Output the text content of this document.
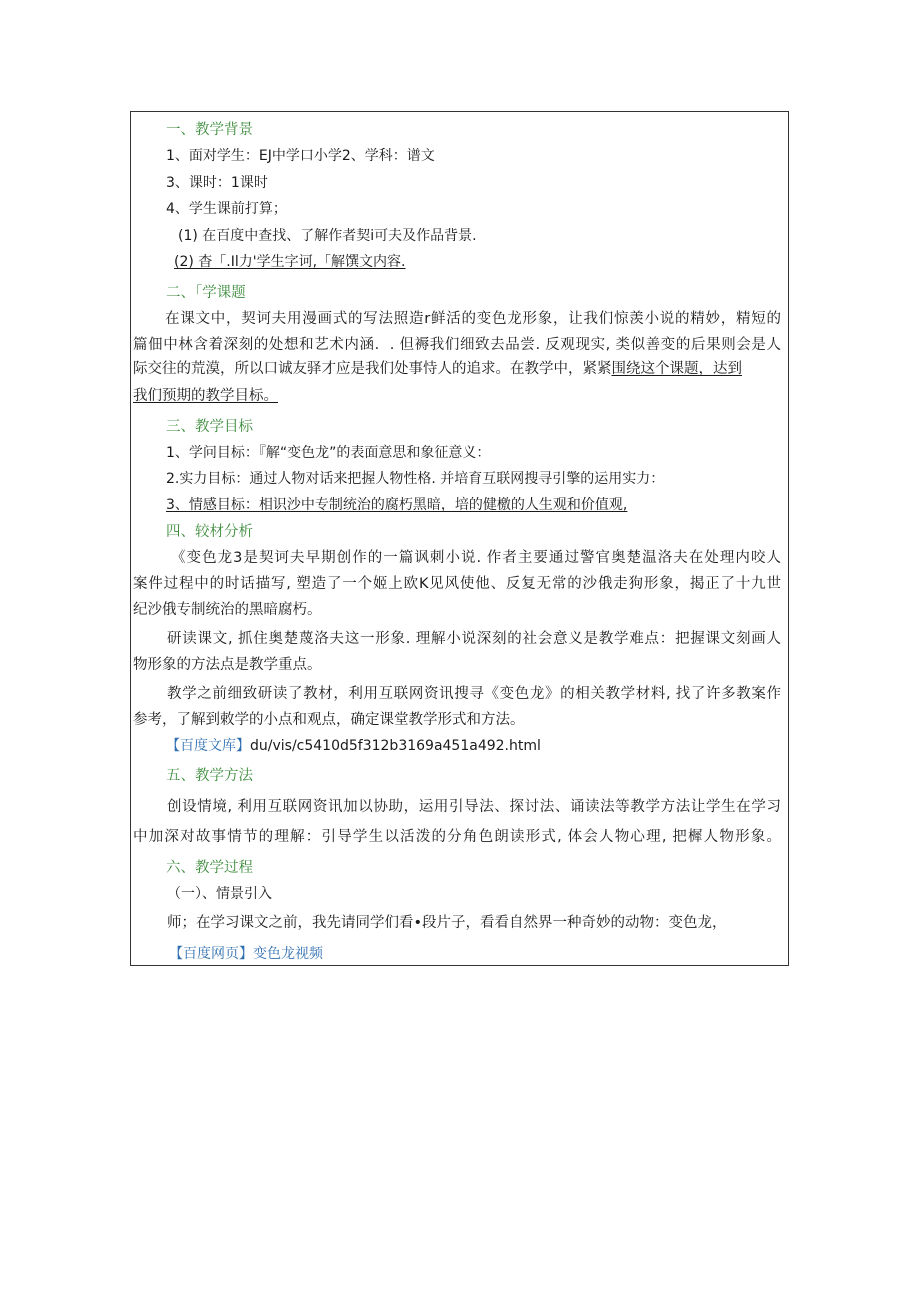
一、教学背景
1、面对学生：EJ中学口小学2、学科：谱文
3、课时：1课时
4、学生课前打算；
(1) 在百度中查找、了解作者契i可夫及作品背景.
(2) 杳「.Il力'学生字诃,「解馔文内容.
二、「学课题
在课文中，契诃夫用漫画式的写法照造r鲜活的变色龙形象，让我们惊羡小说的精妙，精短的
篇佃中林含着深刻的处想和艺术内涵．. 但褥我们细致去品尝. 反观现实, 类似善变的后果则会是人
际交往的荒漠，所以口诚友驿才应是我们处事恃人的追求。在教学中，紧紧围绕这个课题，达到
我们预期的教学目标。
三、教学目标
1、学问目标：『解“变色龙”的表面意思和象征意义：
2.实力目标：通过人物对话来把握人物性格. 并培育互联网搜寻引擎的运用实力：
3、情感目标：相识沙中专制统治的腐朽黑暗，培的健檄的人生观和价值观,
四、较材分析
《变色龙3是契诃夫早期创作的一篇讽刺小说. 作者主要通过警官奥楚温洛夫在处理内咬人
案件过程中的时话描写, 塑造了一个姬上欧K见风使他、反复无常的沙俄走狗形象，揭正了十九世
纪沙俄专制统治的黑暗腐朽。
研读课文, 抓住奥楚蔑洛夫这一形象. 理解小说深刻的社会意义是教学难点：把握课文刻画人
物形象的方法点是教学重点。
教学之前细致研读了教材，利用互联网资讯搜寻《变色龙》的相关教学材料, 找了许多教案作
参考，了解到敕学的小点和观点，确定课堂教学形式和方法。
【百度文库】du/vis/c5410d5f312b3169a451a492.html
五、教学方法
创设情境, 利用互联网资讯加以协助，运用引导法、探讨法、诵读法等教学方法让学生在学习
中加深对故事情节的理解：引导学生以活泼的分角色朗读形式, 体会人物心理, 把樨人物形象。
六、教学过程
（一）、情景引入
师；在学习课文之前，我先请同学们看•段片子，看看自然界一种奇妙的动物：变色龙，
【百度网页】变色龙视频
